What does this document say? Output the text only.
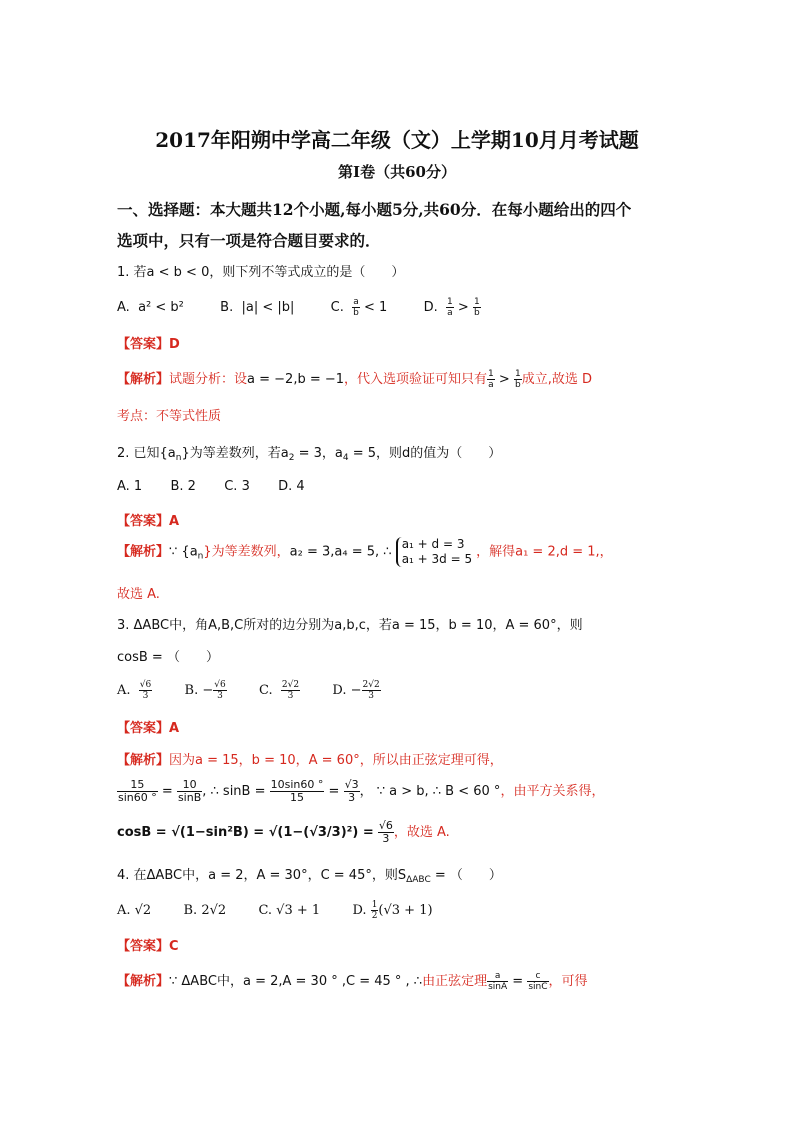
2017年阳朔中学高二年级（文）上学期10月月考试题
第Ⅰ卷（共60分）
一、选择题：本大题共12个小题,每小题5分,共60分．在每小题给出的四个
选项中，只有一项是符合题目要求的．
1. 若a < b < 0，则下列不等式成立的是（　　）
A. a² < b²	B. |a| < |b|	C. $\frac{a}{b} < 1$	D. $\frac{1}{a} > \frac{1}{b}$
【答案】D
【解析】试题分析：设a = −2,b = −1，代入选项验证可知只有 $\frac{1}{a} > \frac{1}{b}$ 成立,故选 D
考点：不等式性质
2. 已知$\{a_n\}$为等差数列，若$a_2 = 3$，$a_4 = 5$，则d的值为（　　）
A. 1 B. 2 C. 3 D. 4
【答案】A
【解析】∵ $\{a_n\}$为等差数列，a₂ = 3,a₄ = 5, ∴
a₁ + d = 3
a₁ + 3d = 5 ，解得a₁ = 2,d = 1,，
故选 A.
3. ΔABC中，角A,B,C所对的边分别为a,b,c，若a = 15，b = 10，A = 60°，则
cosB = （　　）
A. $\frac{√6}{3} B$. − $\frac{√6}{3} C$. $\frac{2√2}{3} D$. − $\frac{2√2}{3}$
【答案】A
【解析】因为a = 15，b = 10，A = 60°，所以由正弦定理可得，
$\frac{15}{\sin 60 ^\circ} = \frac{10}{\sin B}$ , ∴ $\sin B = \frac{10\sin 60 ^\circ}{15} = \frac{√3}{3}$ ， ∵ a > b, ∴ B < 60 °，由平方关系得，
$\cos B = √(1-\sin^2B) = √(1-(√3/3)^2) = \frac{√6}{3}$ ，故选 A.
4. 在ΔABC中，a = 2，A = 30°，C = 45°，则$S_{\Delta ABC}$ = （　　）
A. √2 B. 2√2 C. √3 + 1 D. $\frac{1}{2} (√3 + 1)$
【答案】C
【解析】∵ ΔABC中，a = 2,A = 30 ° ,C = 45 ° , ∴由正弦定理 $\frac{a}{\sin A} = \frac{c}{\sin C}$ ，可得
